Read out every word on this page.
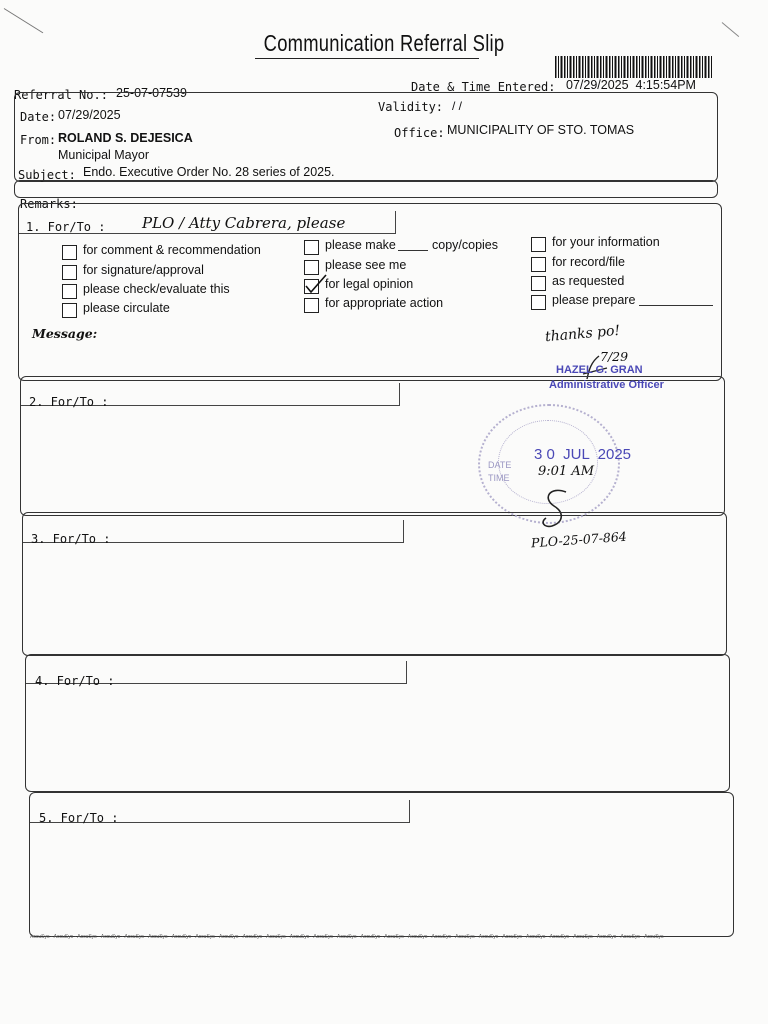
Communication Referral Slip
Referral No.: 25-07-07539	Date & Time Entered: 07/29/2025  4:15:54PM
Date: 07/29/2025
Validity: / /
From: ROLAND S. DEJESICA
Municipal Mayor
Office: MUNICIPALITY OF STO. TOMAS
Subject: Endo. Executive Order No. 28 series of 2025.
Remarks:
1. For/To : PLO / Atty Cabrera, please
for comment & recommendation
for signature/approval
please check/evaluate this
please circulate
please make	copy/copies
please see me
for legal opinion
for appropriate action
for your information
for record/file
as requested
please prepare
Message:	thanks po!
7/29
HAZEL G. GRAN
Administrative Officer
2. For/To :
DATE
TIME
3 0  JUL  2025
9:01 AM
PLO-25-07-864
3. For/To :
4. For/To :
5. For/To :
AccuSys - AccuSys - AccuSys - AccuSys - AccuSys - AccuSys - AccuSys - AccuSys - AccuSys - AccuSys - AccuSys - AccuSys - AccuSys - AccuSys - AccuSys - AccuSys - AccuSys - AccuSys - AccuSys - AccuSys - AccuSys - AccuSys - AccuSys - AccuSys - AccuSys - AccuSys - AccuSys
